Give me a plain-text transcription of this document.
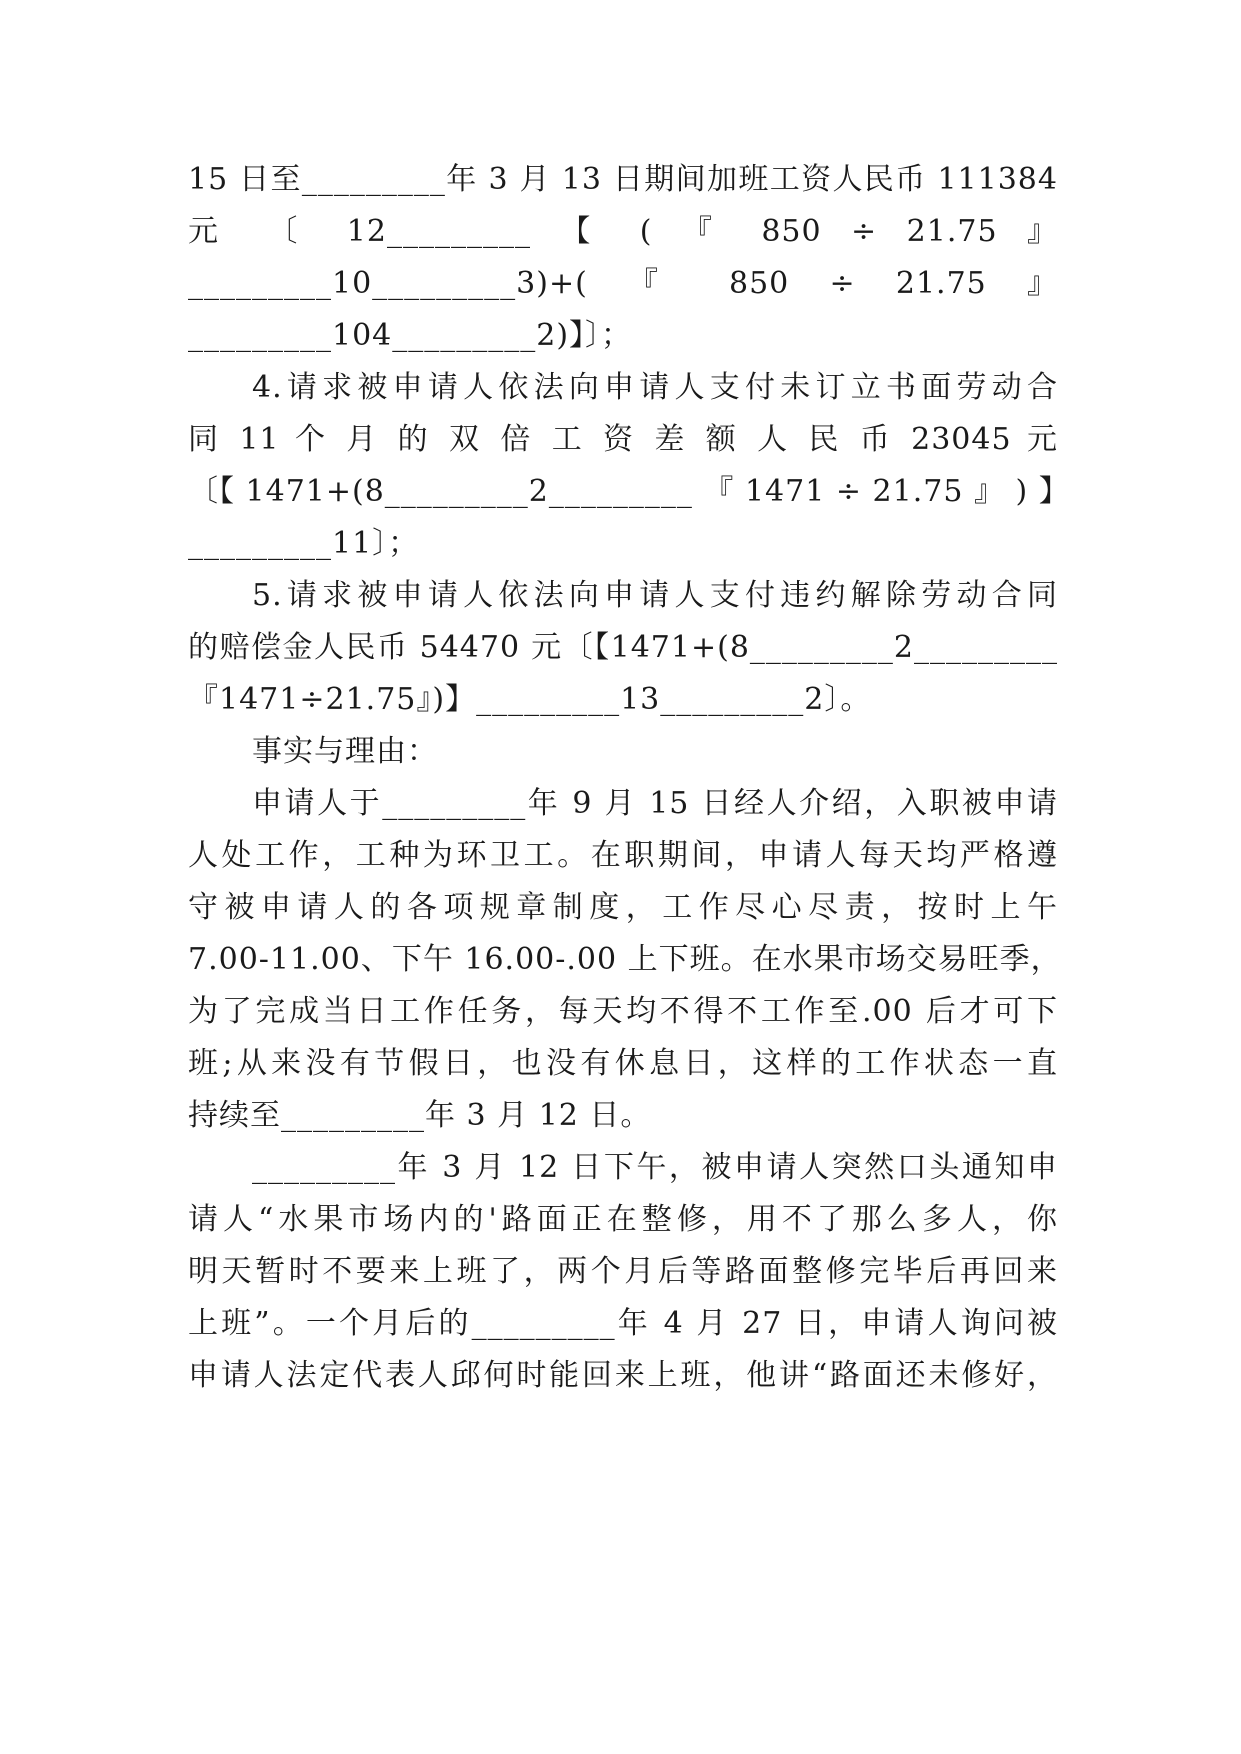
15 日至_________年 3 月 13 日期间加班工资人民币 111384
元 〔 12_________ 【 ( 『 850 ÷ 21.75 』
_________10_________3)+( 『 850 ÷ 21.75 』
_________104_________2)】〕；
4.请求被申请人依法向申请人支付未订立书面劳动合
同 11 个 月 的 双 倍 工 资 差 额 人 民 币 23045 元
〔【 1471+(8_________2_________ 『 1471 ÷ 21.75 』 ) 】
_________11〕；
5.请求被申请人依法向申请人支付违约解除劳动合同
的赔偿金人民币 54470 元〔【1471+(8_________2_________
『1471÷21.75』)】_________13_________2〕。
事实与理由：
申请人于_________年 9 月 15 日经人介绍，入职被申请
人处工作，工种为环卫工。在职期间，申请人每天均严格遵
守被申请人的各项规章制度，工作尽心尽责，按时上午
7.00-11.00、下午 16.00-.00 上下班。在水果市场交易旺季，
为了完成当日工作任务，每天均不得不工作至.00 后才可下
班;从来没有节假日，也没有休息日，这样的工作状态一直
持续至_________年 3 月 12 日。
_________年 3 月 12 日下午，被申请人突然口头通知申
请人“水果市场内的'路面正在整修，用不了那么多人，你
明天暂时不要来上班了，两个月后等路面整修完毕后再回来
上班”。一个月后的_________年 4 月 27 日，申请人询问被
申请人法定代表人邱何时能回来上班，他讲“路面还未修好，
